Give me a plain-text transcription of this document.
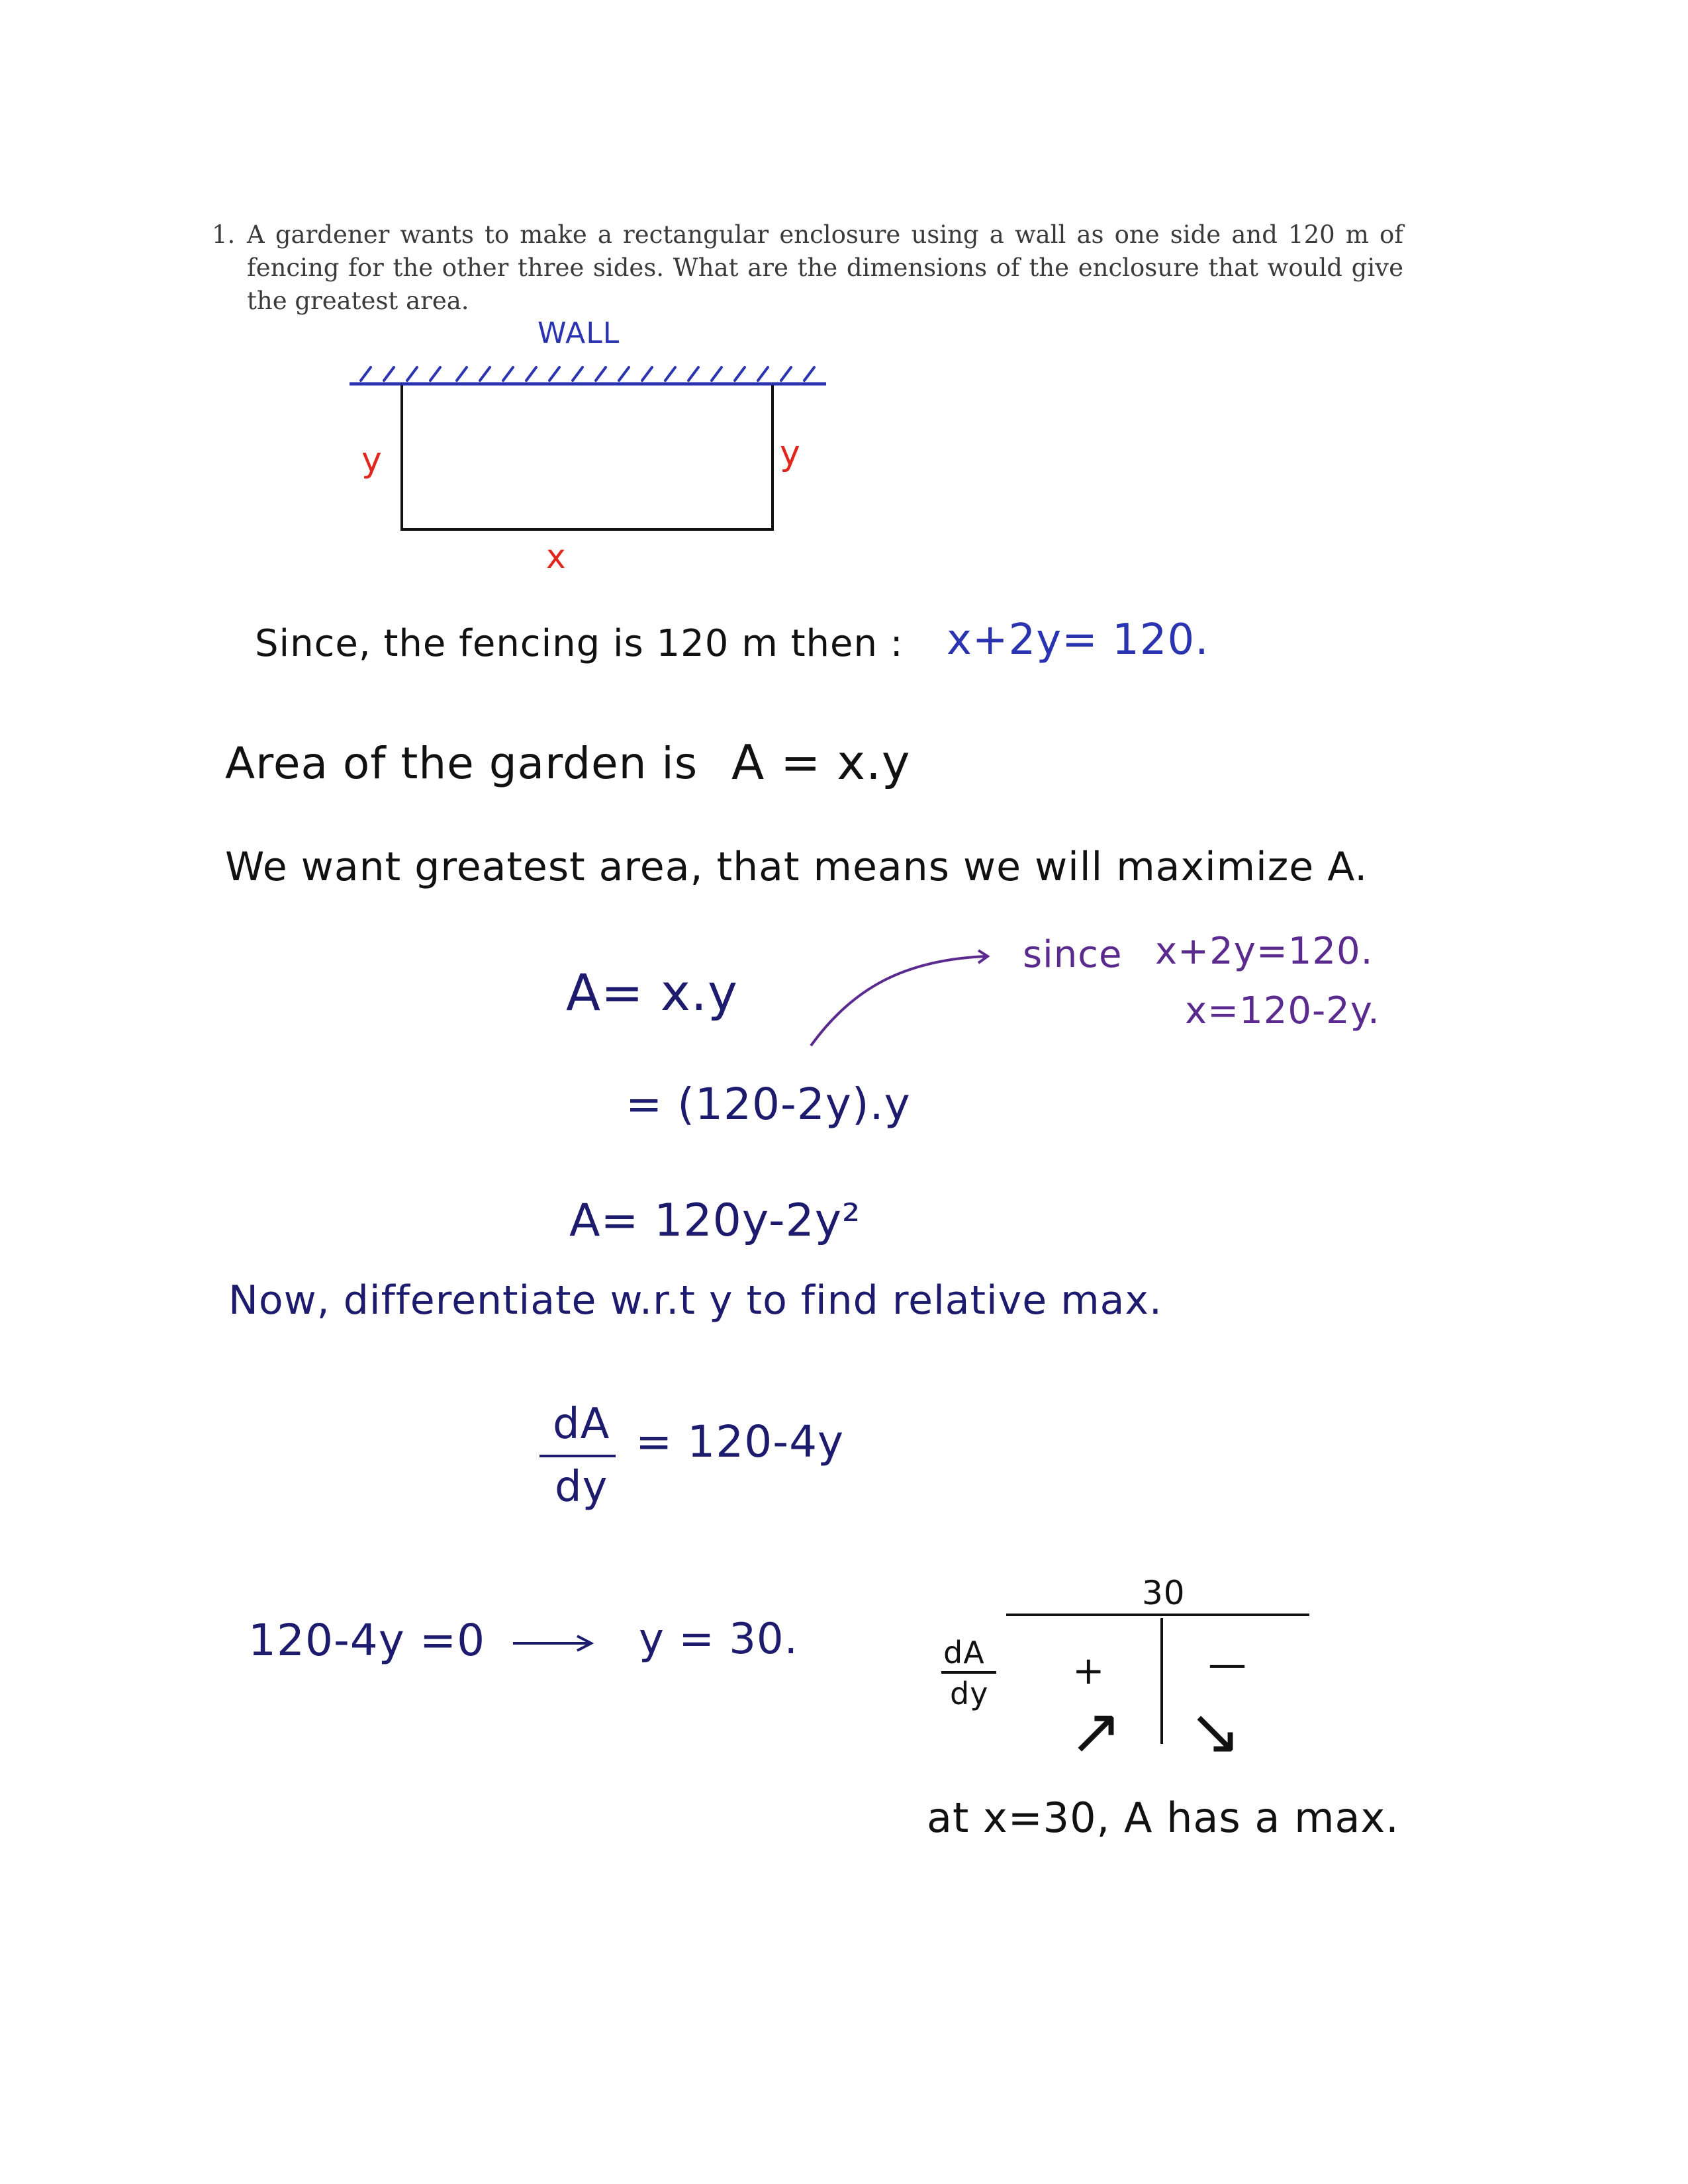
1. A gardener wants to make a rectangular enclosure using a wall as one side and 120 m of fencing for the other three sides. What are the dimensions of the enclosure that would give the greatest area.
WALL
y	y
x
Since, the fencing is 120 m then : x+2y= 120.
Area of the garden is A = x.y
We want greatest area, that means we will maximize A.
A= x.y
since x+2y=120.
x=120-2y.
= (120-2y).y
A= 120y-2y²
Now, differentiate w.r.t y to find relative max.
dA
dy
= 120-4y
120-4y =0	y = 30.
30
dA
dy
+	—
↗ ↘
at x=30, A has a max.
